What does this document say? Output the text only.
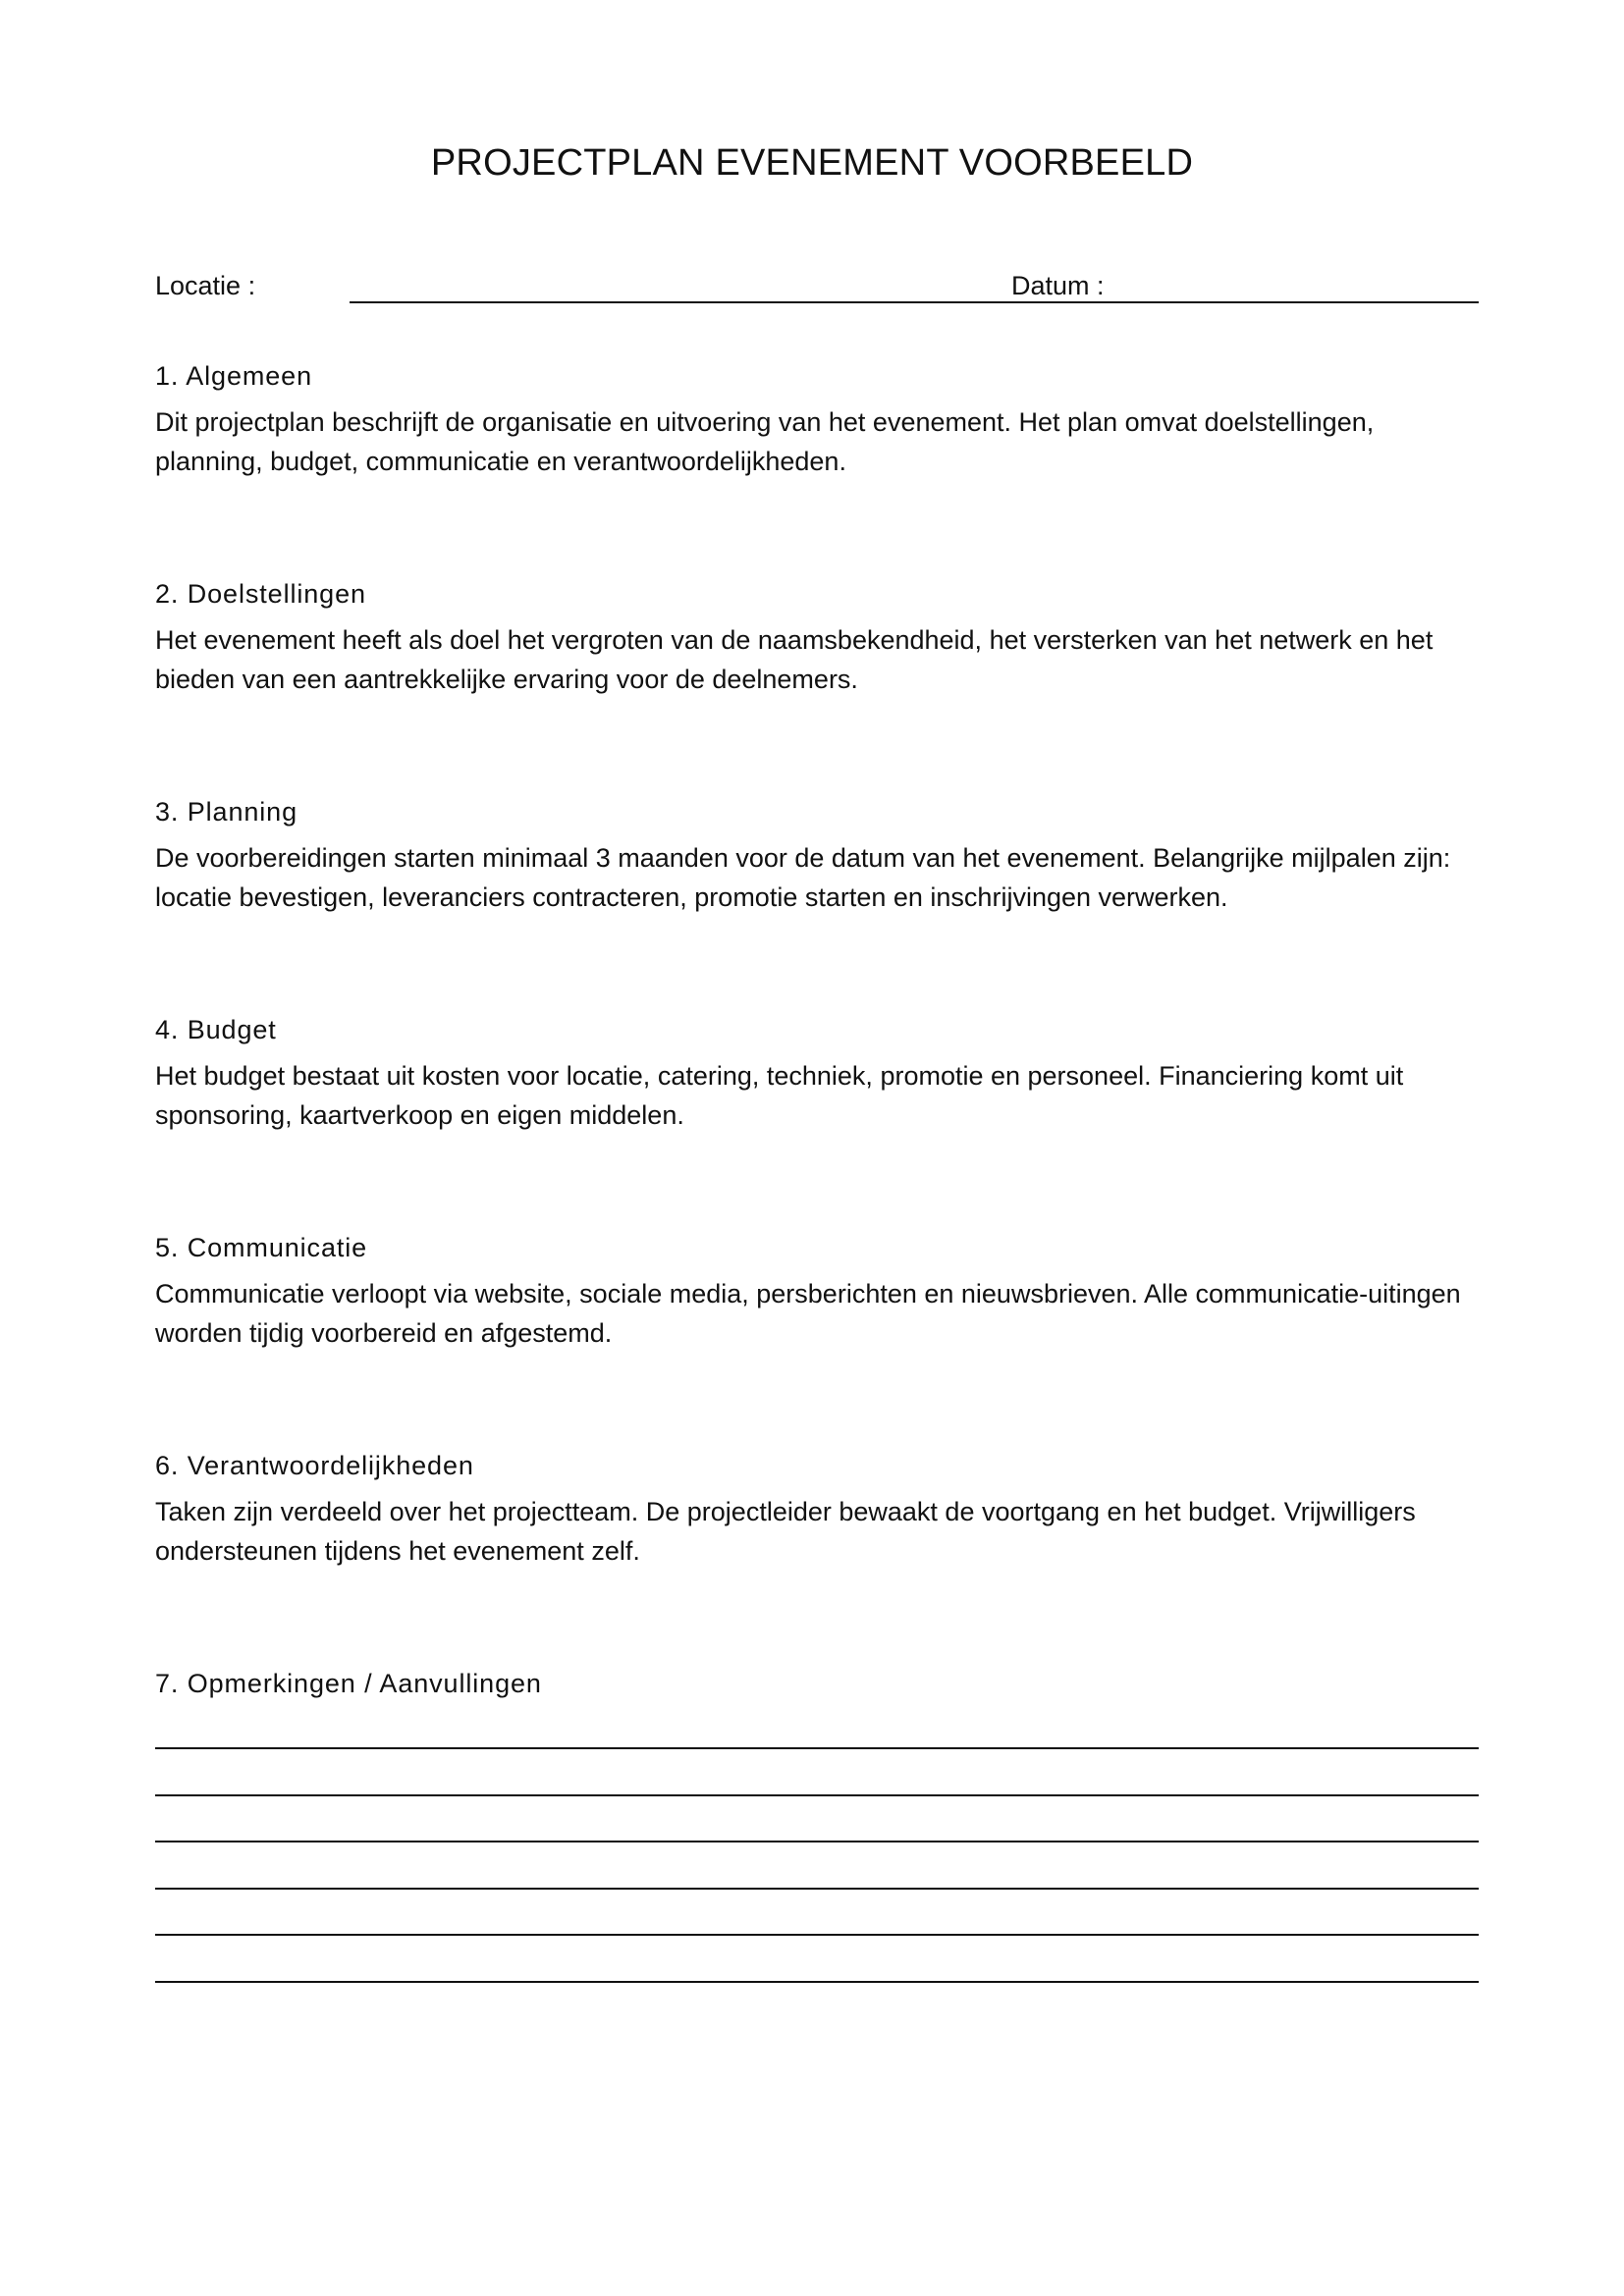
PROJECTPLAN EVENEMENT VOORBEELD
Locatie :	Datum :
1. Algemeen

Dit projectplan beschrijft de organisatie en uitvoering van het evenement. Het plan omvat doelstellingen, planning, budget, communicatie en verantwoordelijkheden.

2. Doelstellingen

Het evenement heeft als doel het vergroten van de naamsbekendheid, het versterken van het netwerk en het bieden van een aantrekkelijke ervaring voor de deelnemers.

3. Planning

De voorbereidingen starten minimaal 3 maanden voor de datum van het evenement. Belangrijke mijlpalen zijn: locatie bevestigen, leveranciers contracteren, promotie starten en inschrijvingen verwerken.

4. Budget

Het budget bestaat uit kosten voor locatie, catering, techniek, promotie en personeel. Financiering komt uit sponsoring, kaartverkoop en eigen middelen.

5. Communicatie

Communicatie verloopt via website, sociale media, persberichten en nieuwsbrieven. Alle communicatie-uitingen worden tijdig voorbereid en afgestemd.

6. Verantwoordelijkheden

Taken zijn verdeeld over het projectteam. De projectleider bewaakt de voortgang en het budget. Vrijwilligers ondersteunen tijdens het evenement zelf.

7. Opmerkingen / Aanvullingen
